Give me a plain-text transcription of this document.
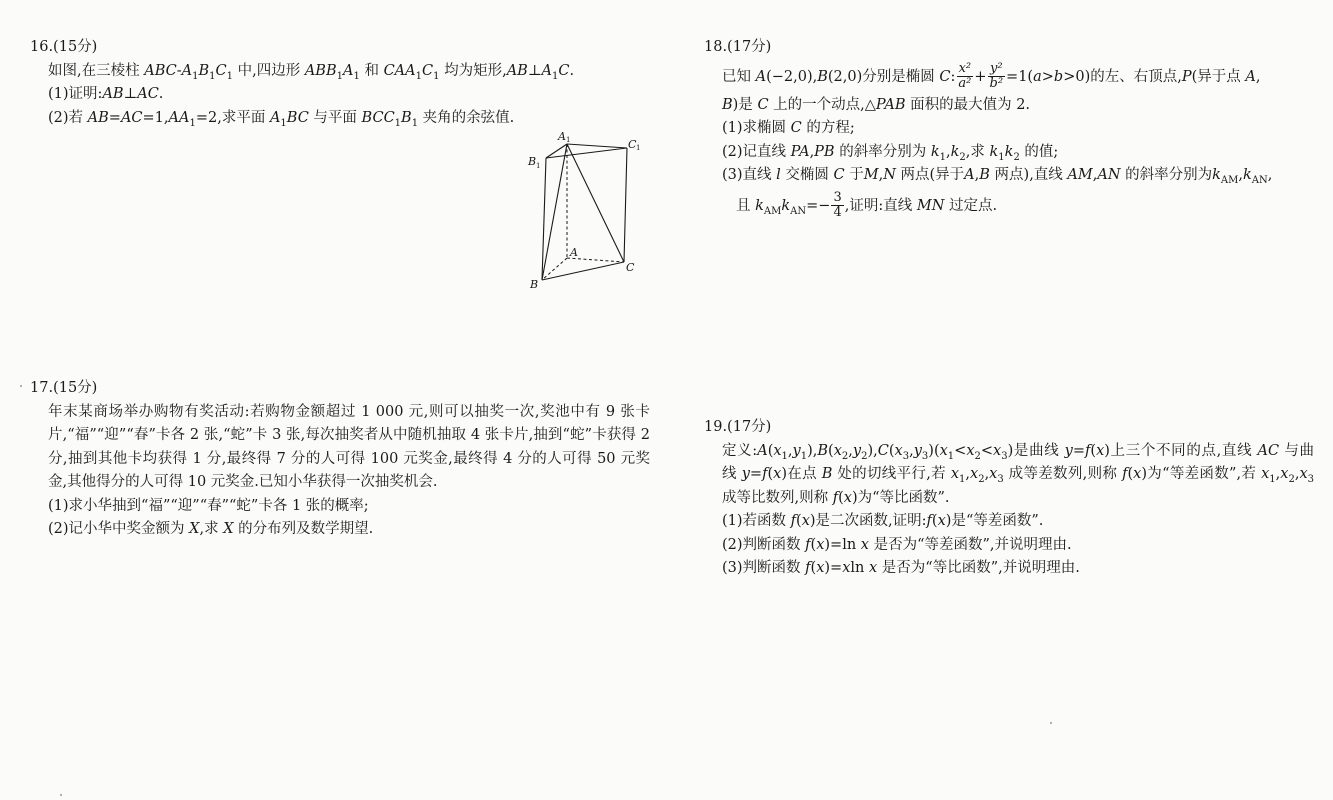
16.(15分)
如图,在三棱柱 ABC-$A_1B_1C_1$ 中,四边形 $ABB_1A_1$ 和 $CAA_1C_1$ 均为矩形$,AB\perp A_1C$.
(1)证明:AB⊥AC.
(2)若 $AB=AC=1,AA_1=2$,求平面 $A_1BC$ 与平面 $BCC_1B_1$ 夹角的余弦值.
A 1	C 1
B 1
A
B
C
17.(15分)
年末某商场举办购物有奖活动:若购物金额超过 1 000 元,则可以抽奖一次,奖池中有 9 张卡片,“福”“迎”“春”卡各 2 张,“蛇”卡 3 张,每次抽奖者从中随机抽取 4 张卡片,抽到“蛇”卡获得 2 分,抽到其他卡均获得 1 分,最终得 7 分的人可得 100 元奖金,最终得 4 分的人可得 50 元奖金,其他得分的人可得 10 元奖金.已知小华获得一次抽奖机会.
(1)求小华抽到“福”“迎”“春”“蛇”卡各 1 张的概率;
(2)记小华中奖金额为 X,求 X 的分布列及数学期望.
18.(17分)
已知 A(−2,0),B(2,0)分别是椭圆 C: $\frac{\text{x²}}{\text{a²}} + \frac{\text{y²}}{\text{b²}} =1(a>b>0)$的左、右顶点,P(异于点 A,
B)是 C 上的一个动点,△PAB 面积的最大值为 2.
(1)求椭圆 C 的方程;
(2)记直线 PA,PB 的斜率分别为 $k_1,k_2$,求 $k_1k_2$ 的值;
(3)直线 l 交椭圆 C 于M,N 两点(异于A,B 两点),直线 AM,AN 的斜率分别为$k_{AM},k_{AN}$,
且 $k_{AM}k_{AN}=- \frac{3}{4}$ ,证明:直线 MN 过定点.
19.(17分)
定义$:A(x_1,y_1),B(x_2,y_2),C(x_3,y_3)(x_1<x_2<x_3)$是曲线 y=f(x)上三个不同的点,直线 AC 与曲线 y=f(x)在点 B 处的切线平行,若 $x_1,x_2,x_3$ 成等差数列,则称 f(x)为“等差函数”,若 $x_1,x_2,x_3$ 成等比数列,则称 f(x)为“等比函数”.
(1)若函数 f(x)是二次函数,证明:f(x)是“等差函数”.
(2)判断函数 f(x)=ln x 是否为“等差函数”,并说明理由.
(3)判断函数 f(x)=xln x 是否为“等比函数”,并说明理由.
